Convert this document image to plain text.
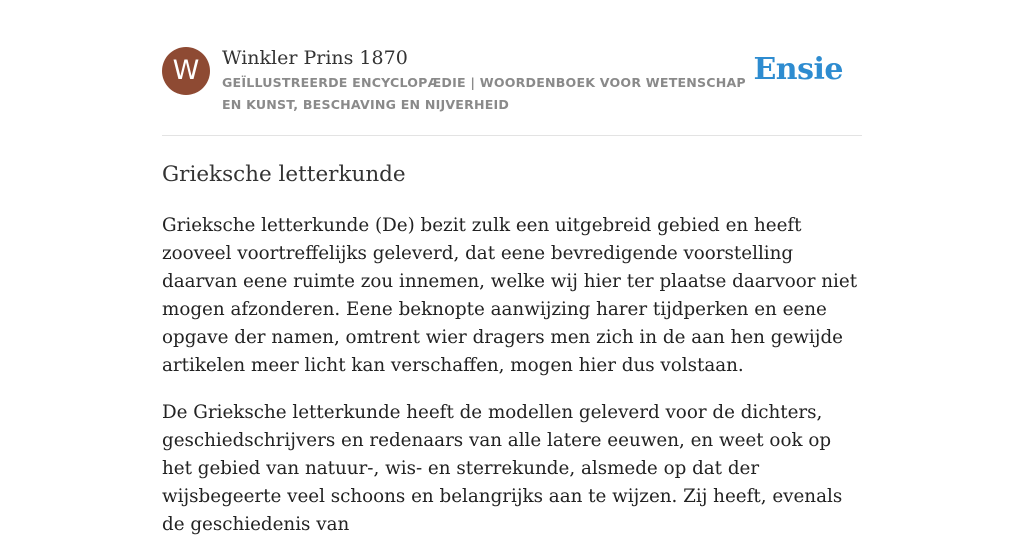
W	Winkler Prins 1870

GEÏLLUSTREERDE ENCYCLOPÆDIE | WOORDENBOEK VOOR WETENSCHAP EN KUNST, BESCHAVING EN NIJVERHEID

Ensie
Grieksche letterkunde

Grieksche letterkunde (De) bezit zulk een uitgebreid gebied en heeft zooveel voortreffelijks geleverd, dat eene bevredigende voorstelling daarvan eene ruimte zou innemen, welke wij hier ter plaatse daarvoor niet mogen afzonderen. Eene beknopte aanwijzing harer tijdperken en eene opgave der namen, omtrent wier dragers men zich in de aan hen gewijde artikelen meer licht kan verschaffen, mogen hier dus volstaan.

De Grieksche letterkunde heeft de modellen geleverd voor de dichters, geschiedschrijvers en redenaars van alle latere eeuwen, en weet ook op het gebied van natuur-, wis- en sterrekunde, alsmede op dat der wijsbegeerte veel schoons en belangrijks aan te wijzen. Zij heeft, evenals de geschiedenis van
